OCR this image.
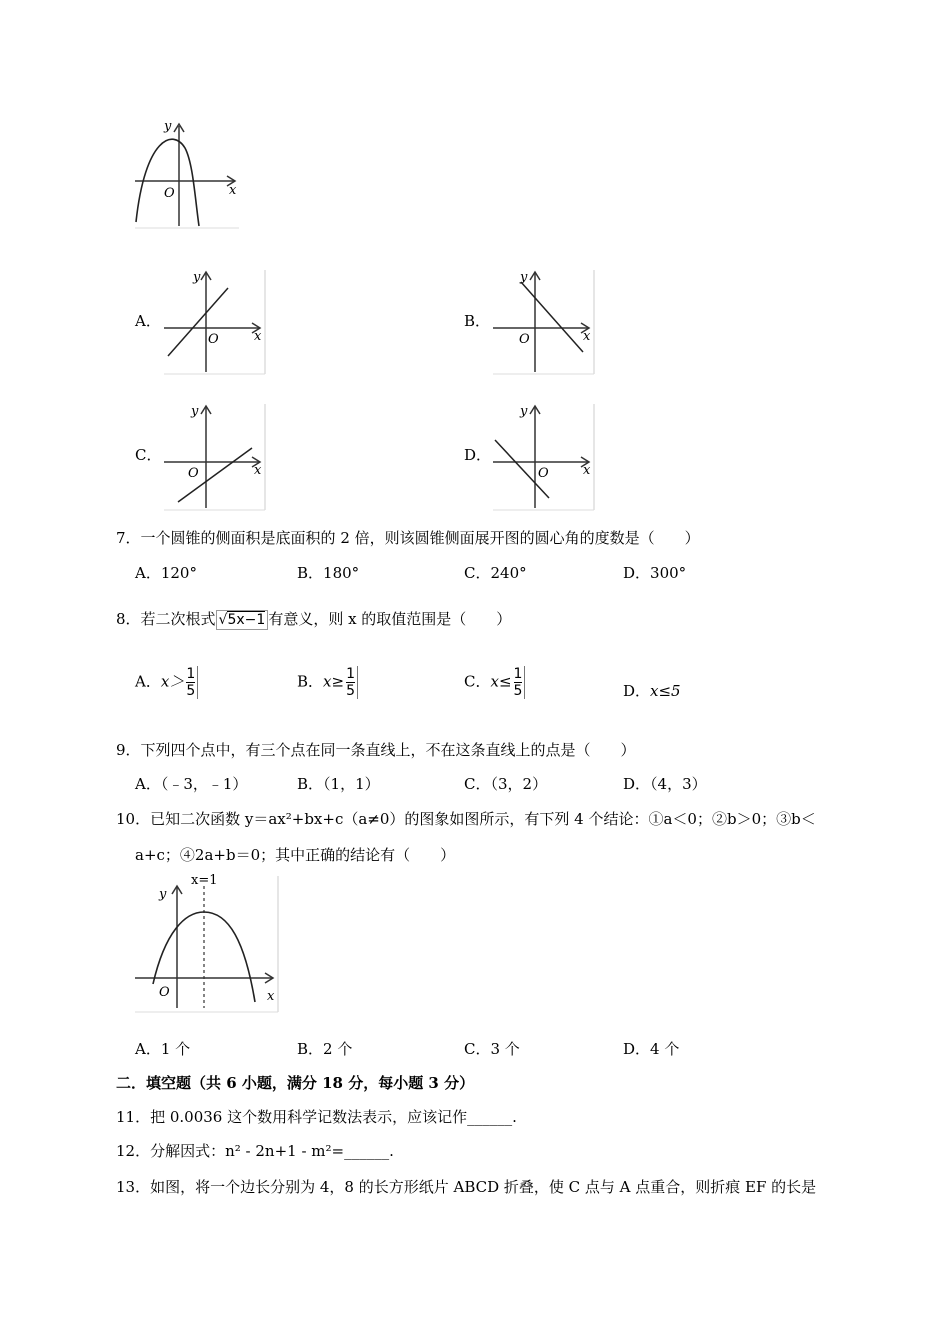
y
x
O
A．
y
x
O
B．
y
x
O
C．
y
x
O
D．
y
x
O
7．一个圆锥的侧面积是底面积的 2 倍，则该圆锥侧面展开图的圆心角的度数是（　　）
A．120°	B．180°	C．240°	D．300°
8．若二次根式 √5x−1 有意义，则 x 的取值范围是（　　）
A．$x> \frac{1}{5}$	B．$x\ge \frac{1}{5}$	C．$x\le \frac{1}{5}$	D．x≤5
9．下列四个点中，有三个点在同一条直线上，不在这条直线上的点是（　　）
A．（﹣3，﹣1）	B．（1，1）	C．（3，2）	D．（4，3）
10．已知二次函数 y＝ax²+bx+c（a≠0）的图象如图所示，有下列 4 个结论：①a＜0；②b＞0；③b＜
a+c；④2a+b＝0；其中正确的结论有（　　）
x=1
y
x
O
A．1 个	B．2 个	C．3 个	D．4 个
二．填空题（共 6 小题，满分 18 分，每小题 3 分）
11．把 0.0036 这个数用科学记数法表示，应该记作______.
12．分解因式：n² - 2n+1 - m²=______.
13．如图，将一个边长分别为 4，8 的长方形纸片 ABCD 折叠，使 C 点与 A 点重合，则折痕 EF 的长是
